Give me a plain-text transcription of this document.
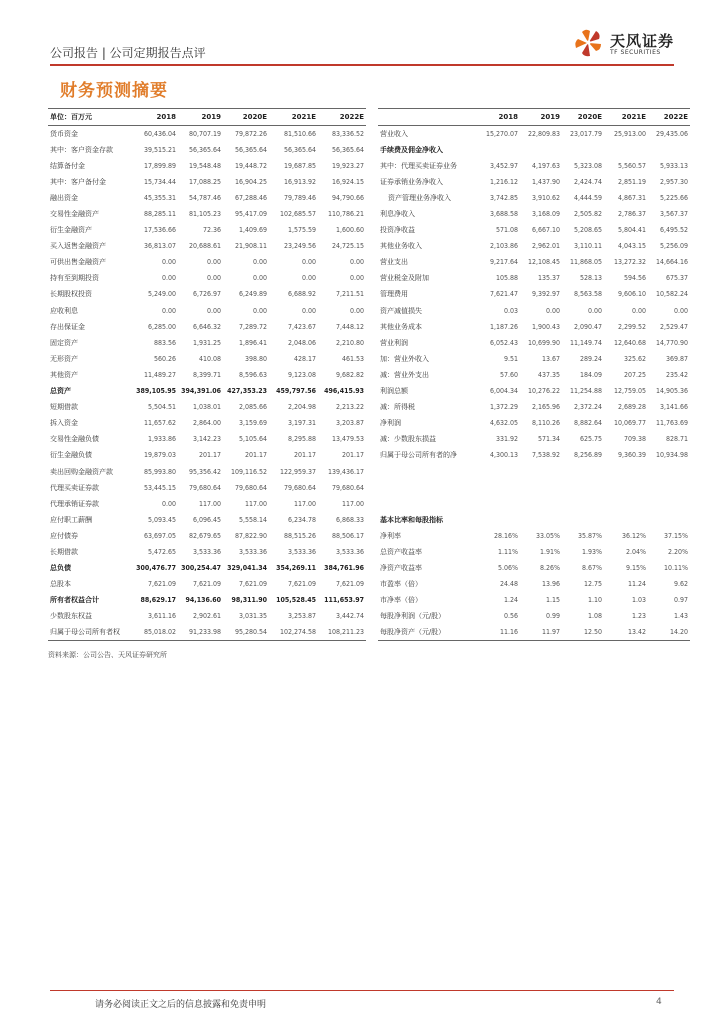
公司报告 | 公司定期报告点评
天风证券
TF SECURITIES
财务预测摘要
单位：百万元	2018	2019	2020E	2021E	2022E
货币资金	60,436.04	80,707.19	79,872.26	81,510.66	83,336.52
其中：客户资金存款	39,515.21	56,365.64	56,365.64	56,365.64	56,365.64
结算备付金	17,899.89	19,548.48	19,448.72	19,687.85	19,923.27
其中：客户备付金	15,734.44	17,088.25	16,904.25	16,913.92	16,924.15
融出资金	45,355.31	54,787.46	67,288.46	79,789.46	94,790.66
交易性金融资产	88,285.11	81,105.23	95,417.09	102,685.57	110,786.21
衍生金融资产	17,536.66	72.36	1,409.69	1,575.59	1,600.60
买入返售金融资产	36,813.07	20,688.61	21,908.11	23,249.56	24,725.15
可供出售金融资产	0.00	0.00	0.00	0.00	0.00
持有至到期投资	0.00	0.00	0.00	0.00	0.00
长期股权投资	5,249.00	6,726.97	6,249.89	6,688.92	7,211.51
应收利息	0.00	0.00	0.00	0.00	0.00
存出保证金	6,285.00	6,646.32	7,289.72	7,423.67	7,448.12
固定资产	883.56	1,931.25	1,896.41	2,048.06	2,210.80
无形资产	560.26	410.08	398.80	428.17	461.53
其他资产	11,489.27	8,399.71	8,596.63	9,123.08	9,682.82
总资产	389,105.95	394,391.06	427,353.23	459,797.56	496,415.93
短期借款	5,504.51	1,038.01	2,085.66	2,204.98	2,213.22
拆入资金	11,657.62	2,864.00	3,159.69	3,197.31	3,203.87
交易性金融负债	1,933.86	3,142.23	5,105.64	8,295.88	13,479.53
衍生金融负债	19,879.03	201.17	201.17	201.17	201.17
卖出回购金融资产款	85,993.80	95,356.42	109,116.52	122,959.37	139,436.17
代理买卖证券款	53,445.15	79,680.64	79,680.64	79,680.64	79,680.64
代理承销证券款	0.00	117.00	117.00	117.00	117.00
应付职工薪酬	5,093.45	6,096.45	5,558.14	6,234.78	6,868.33
应付债券	63,697.05	82,679.65	87,822.90	88,515.26	88,506.17
长期借款	5,472.65	3,533.36	3,533.36	3,533.36	3,533.36
总负债	300,476.77	300,254.47	329,041.34	354,269.11	384,761.96
总股本	7,621.09	7,621.09	7,621.09	7,621.09	7,621.09
所有者权益合计	88,629.17	94,136.60	98,311.90	105,528.45	111,653.97
少数股东权益	3,611.16	2,902.61	3,031.35	3,253.87	3,442.74
归属于母公司所有者权	85,018.02	91,233.98	95,280.54	102,274.58	108,211.23
	2018	2019	2020E	2021E	2022E
营业收入	15,270.07	22,809.83	23,017.79	25,913.00	29,435.06
手续费及佣金净收入					
其中：代理买卖证券业务	3,452.97	4,197.63	5,323.08	5,560.57	5,933.13
证券承销业务净收入	1,216.12	1,437.90	2,424.74	2,851.19	2,957.30
资产管理业务净收入	3,742.85	3,910.62	4,444.59	4,867.31	5,225.66
利息净收入	3,688.58	3,168.09	2,505.82	2,786.37	3,567.37
投资净收益	571.08	6,667.10	5,208.65	5,804.41	6,495.52
其他业务收入	2,103.86	2,962.01	3,110.11	4,043.15	5,256.09
营业支出	9,217.64	12,108.45	11,868.05	13,272.32	14,664.16
营业税金及附加	105.88	135.37	528.13	594.56	675.37
管理费用	7,621.47	9,392.97	8,563.58	9,606.10	10,582.24
资产减值损失	0.03	0.00	0.00	0.00	0.00
其他业务成本	1,187.26	1,900.43	2,090.47	2,299.52	2,529.47
营业利润	6,052.43	10,699.90	11,149.74	12,640.68	14,770.90
加：营业外收入	9.51	13.67	289.24	325.62	369.87
减：营业外支出	57.60	437.35	184.09	207.25	235.42
利润总额	6,004.34	10,276.22	11,254.88	12,759.05	14,905.36
减：所得税	1,372.29	2,165.96	2,372.24	2,689.28	3,141.66
净利润	4,632.05	8,110.26	8,882.64	10,069.77	11,763.69
减：少数股东损益	331.92	571.34	625.75	709.38	828.71
归属于母公司所有者的净	4,300.13	7,538.92	8,256.89	9,360.39	10,934.98

基本比率和每股指标					
净利率	28.16%	33.05%	35.87%	36.12%	37.15%
总资产收益率	1.11%	1.91%	1.93%	2.04%	2.20%
净资产收益率	5.06%	8.26%	8.67%	9.15%	10.11%
市盈率（倍）	24.48	13.96	12.75	11.24	9.62
市净率（倍）	1.24	1.15	1.10	1.03	0.97
每股净利润（元/股）	0.56	0.99	1.08	1.23	1.43
每股净资产（元/股）	11.16	11.97	12.50	13.42	14.20
资料来源：公司公告、天风证券研究所
请务必阅读正文之后的信息披露和免责申明	4
